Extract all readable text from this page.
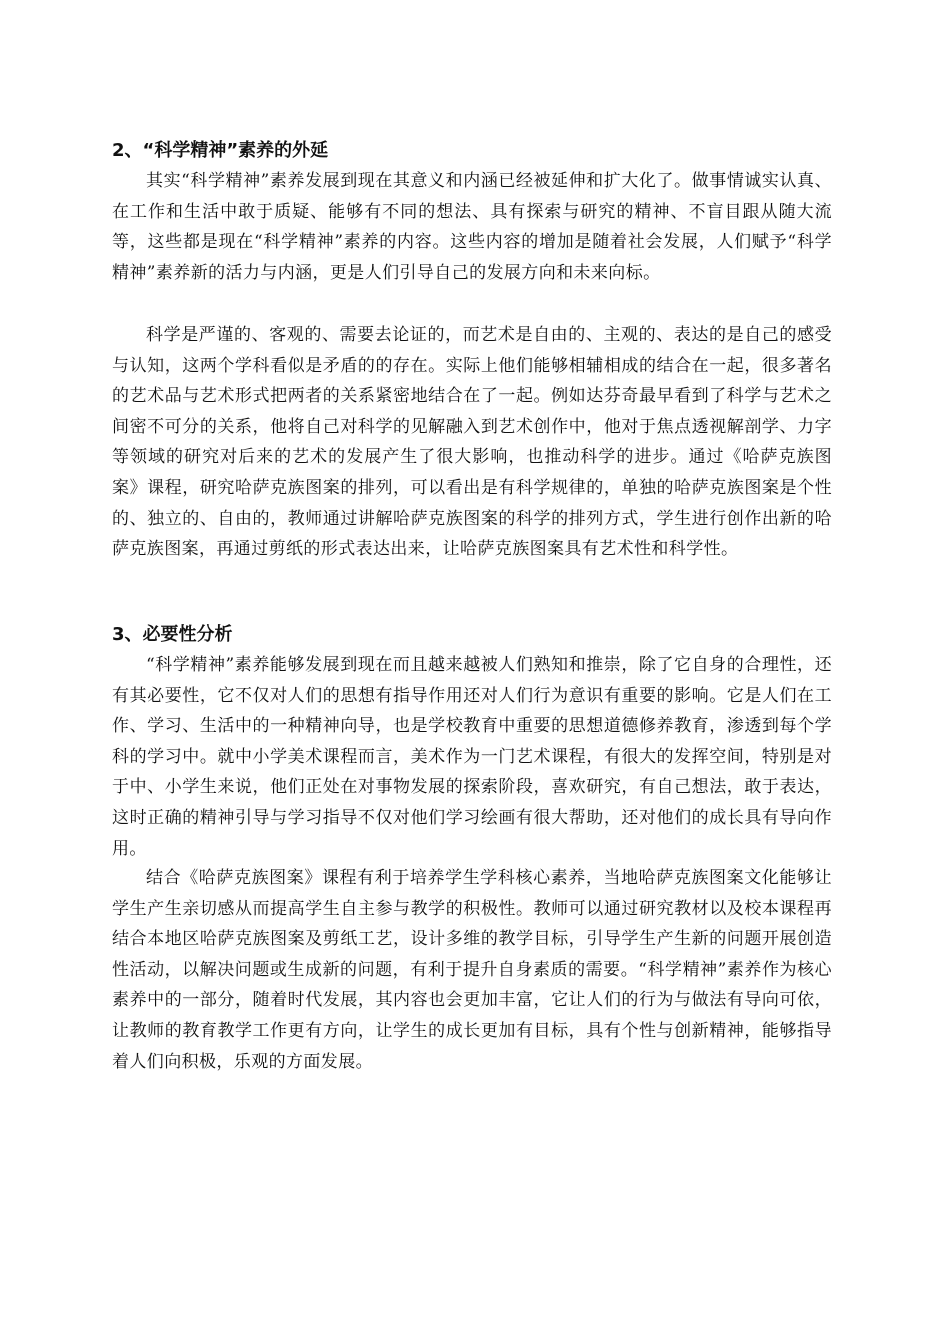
2、“科学精神”素养的外延

其实“科学精神”素养发展到现在其意义和内涵已经被延伸和扩大化了。做事情诚实认真、在工作和生活中敢于质疑、能够有不同的想法、具有探索与研究的精神、不盲目跟从随大流等，这些都是现在“科学精神”素养的内容。这些内容的增加是随着社会发展，人们赋予“科学精神”素养新的活力与内涵，更是人们引导自己的发展方向和未来向标。

科学是严谨的、客观的、需要去论证的，而艺术是自由的、主观的、表达的是自己的感受与认知，这两个学科看似是矛盾的的存在。实际上他们能够相辅相成的结合在一起，很多著名的艺术品与艺术形式把两者的关系紧密地结合在了一起。例如达芬奇最早看到了科学与艺术之间密不可分的关系，他将自己对科学的见解融入到艺术创作中，他对于焦点透视解剖学、力字等领域的研究对后来的艺术的发展产生了很大影响，也推动科学的进步。通过《哈萨克族图案》课程，研究哈萨克族图案的排列，可以看出是有科学规律的，单独的哈萨克族图案是个性的、独立的、自由的，教师通过讲解哈萨克族图案的科学的排列方式，学生进行创作出新的哈萨克族图案，再通过剪纸的形式表达出来，让哈萨克族图案具有艺术性和科学性。

3、必要性分析

“科学精神”素养能够发展到现在而且越来越被人们熟知和推崇，除了它自身的合理性，还有其必要性，它不仅对人们的思想有指导作用还对人们行为意识有重要的影响。它是人们在工作、学习、生活中的一种精神向导，也是学校教育中重要的思想道德修养教育，渗透到每个学科的学习中。就中小学美术课程而言，美术作为一门艺术课程，有很大的发挥空间，特别是对于中、小学生来说，他们正处在对事物发展的探索阶段，喜欢研究，有自己想法，敢于表达，这时正确的精神引导与学习指导不仅对他们学习绘画有很大帮助，还对他们的成长具有导向作用。

结合《哈萨克族图案》课程有利于培养学生学科核心素养，当地哈萨克族图案文化能够让学生产生亲切感从而提高学生自主参与教学的积极性。教师可以通过研究教材以及校本课程再结合本地区哈萨克族图案及剪纸工艺，设计多维的教学目标，引导学生产生新的问题开展创造性活动，以解决问题或生成新的问题，有利于提升自身素质的需要。“科学精神”素养作为核心素养中的一部分，随着时代发展，其内容也会更加丰富，它让人们的行为与做法有导向可依，让教师的教育教学工作更有方向，让学生的成长更加有目标，具有个性与创新精神，能够指导着人们向积极，乐观的方面发展。
